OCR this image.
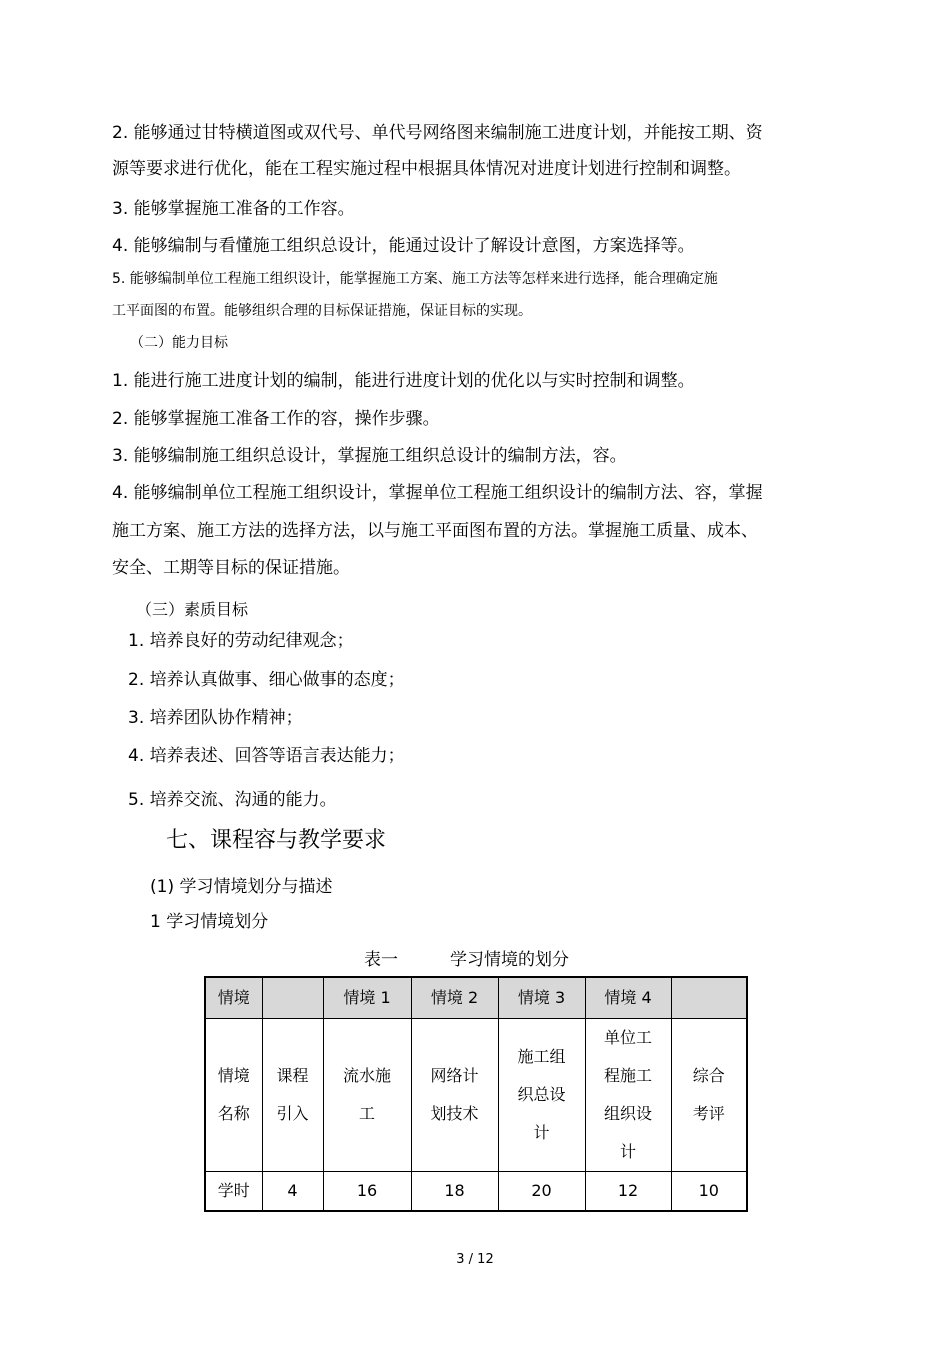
2. 能够通过甘特横道图或双代号、单代号网络图来编制施工进度计划，并能按工期、资
源等要求进行优化，能在工程实施过程中根据具体情况对进度计划进行控制和调整。
3. 能够掌握施工准备的工作容。
4. 能够编制与看懂施工组织总设计，能通过设计了解设计意图，方案选择等。
5. 能够编制单位工程施工组织设计，能掌握施工方案、施工方法等怎样来进行选择，能合理确定施
工平面图的布置。能够组织合理的目标保证措施，保证目标的实现。
（二）能力目标
1. 能进行施工进度计划的编制，能进行进度计划的优化以与实时控制和调整。
2. 能够掌握施工准备工作的容，操作步骤。
3. 能够编制施工组织总设计，掌握施工组织总设计的编制方法，容。
4. 能够编制单位工程施工组织设计，掌握单位工程施工组织设计的编制方法、容，掌握
施工方案、施工方法的选择方法，以与施工平面图布置的方法。掌握施工质量、成本、
安全、工期等目标的保证措施。
（三）素质目标
1. 培养良好的劳动纪律观念；
2. 培养认真做事、细心做事的态度；
3. 培养团队协作精神；
4. 培养表述、回答等语言表达能力；
5. 培养交流、沟通的能力。
七、课程容与教学要求
(1) 学习情境划分与描述
1 学习情境划分
表一	学习情境的划分
情境		情境 1	情境 2	情境 3	情境 4	
情境名称	课程引入	流水施工	网络计划技术	施工组织总设计	单位工程施工组织设计	综合考评
学时	4	16	18	20	12	10
3 / 12
